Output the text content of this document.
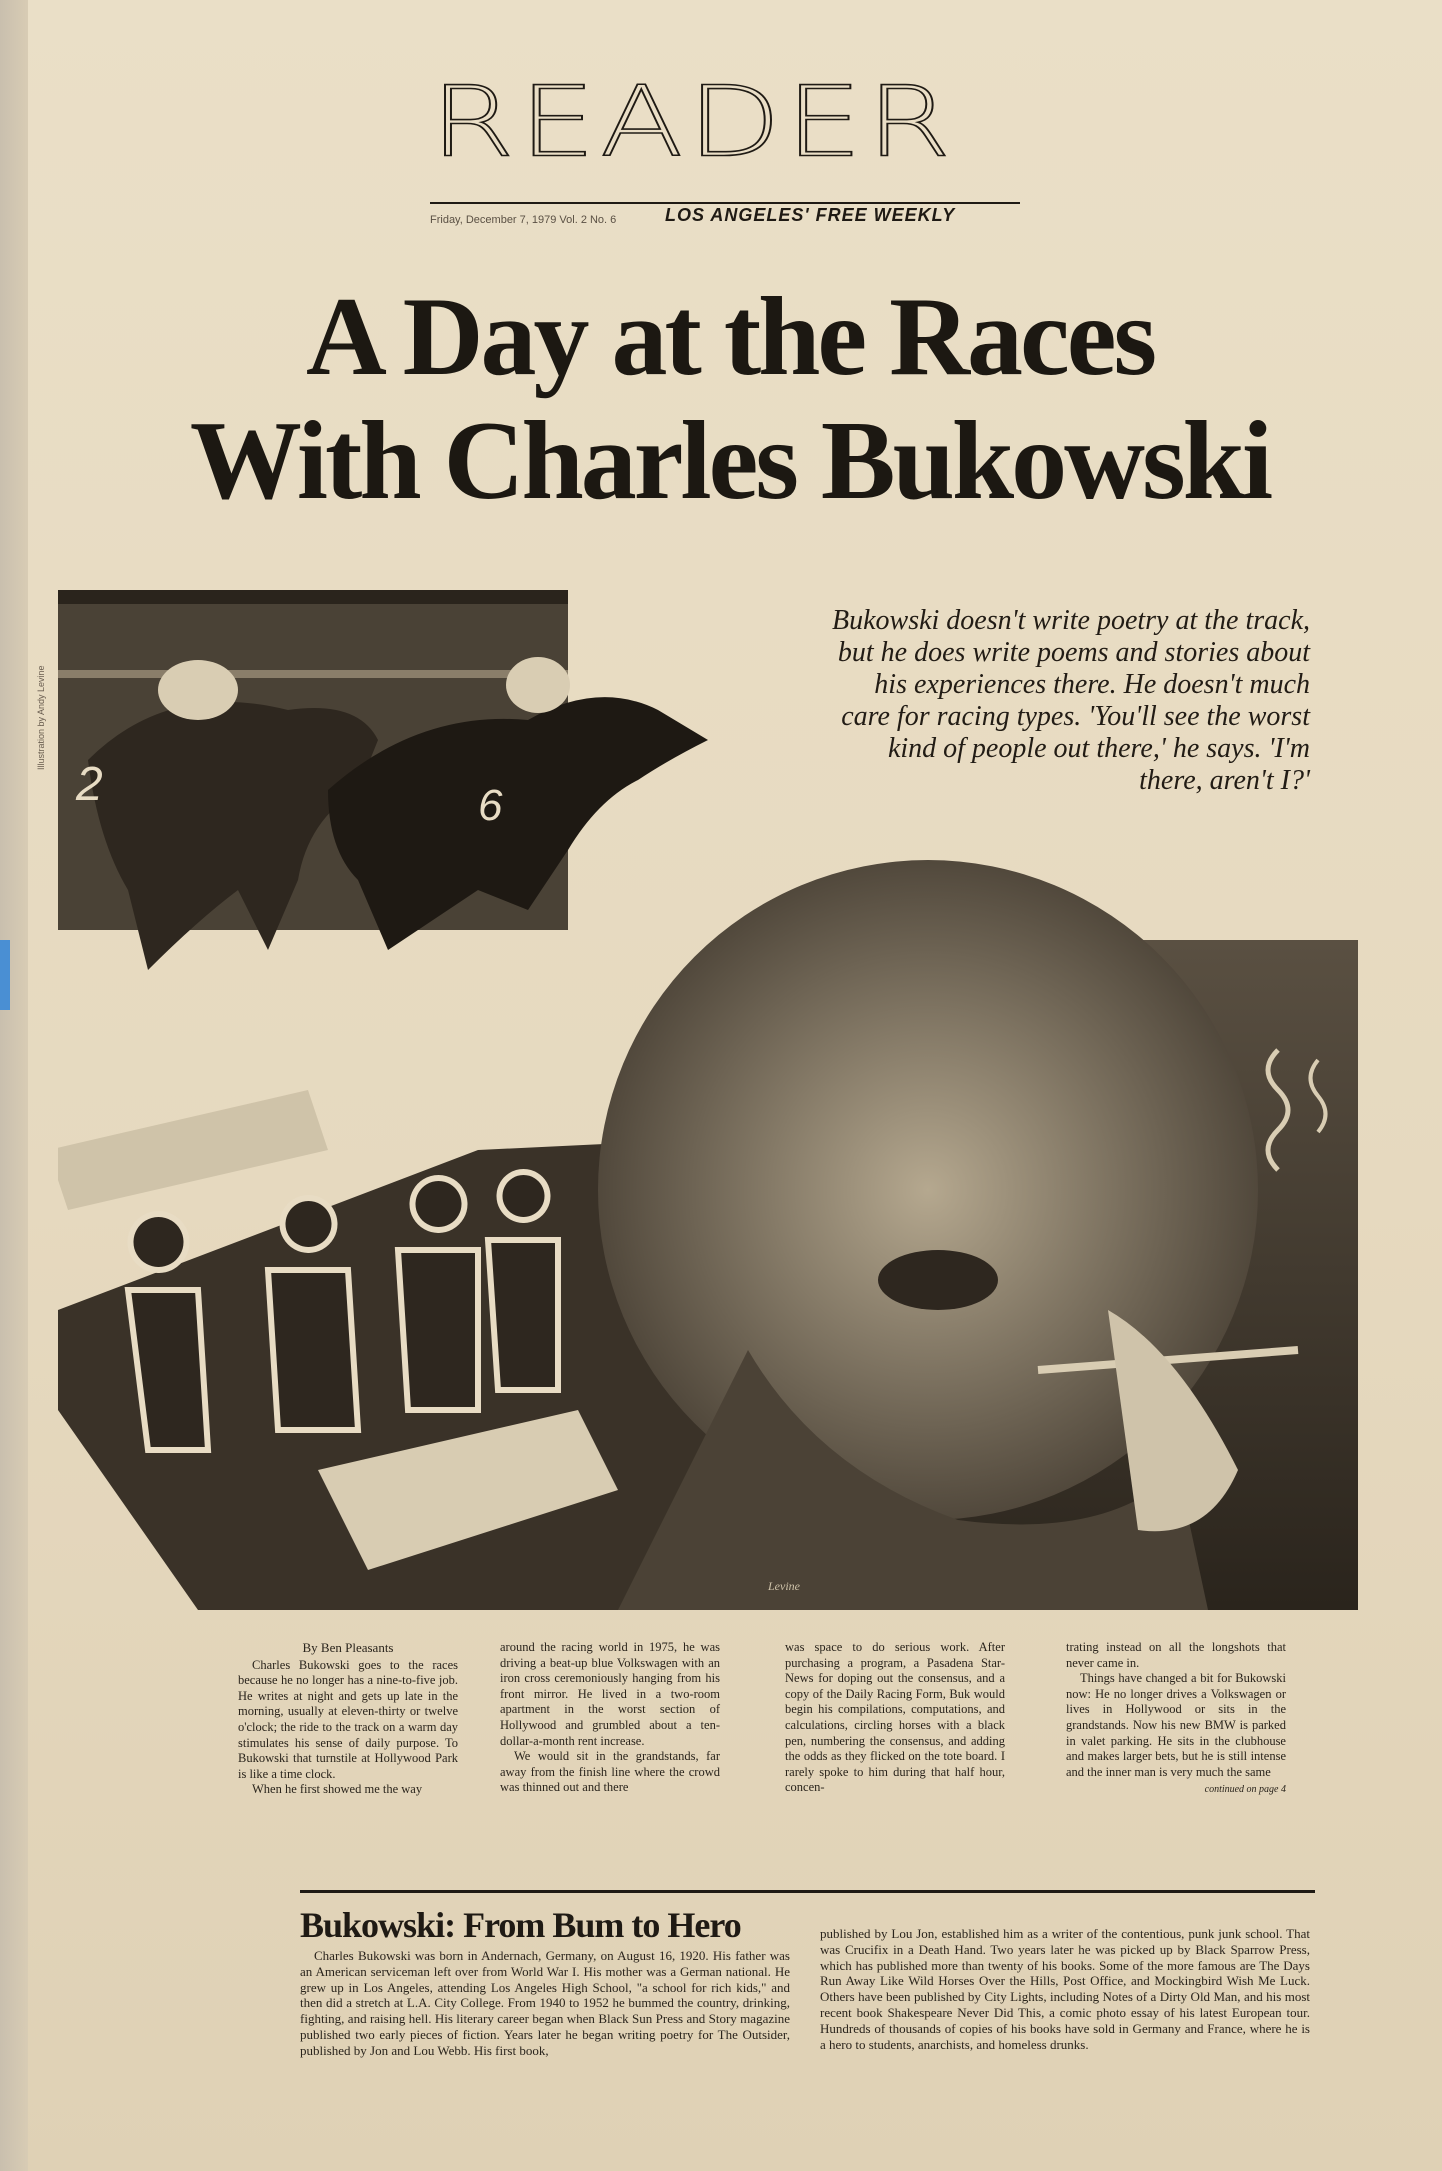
READER
Friday, December 7, 1979 Vol. 2 No. 6	LOS ANGELES' FREE WEEKLY
A Day at the Races
With Charles Bukowski
Illustration by Andy Levine
2	6
Levine
Bukowski doesn't write poetry at the track, but he does write poems and stories about his experiences there. He doesn't much care for racing types. 'You'll see the worst kind of people out there,' he says. 'I'm there, aren't I?'
By Ben Pleasants

Charles Bukowski goes to the races because he no longer has a nine-to-five job. He writes at night and gets up late in the morning, usually at eleven-thirty or twelve o'clock; the ride to the track on a warm day stimulates his sense of daily purpose. To Bukowski that turnstile at Hollywood Park is like a time clock.

When he first showed me the way

around the racing world in 1975, he was driving a beat-up blue Volkswagen with an iron cross ceremoniously hanging from his front mirror. He lived in a two-room apartment in the worst section of Hollywood and grumbled about a ten-dollar-a-month rent increase.

We would sit in the grandstands, far away from the finish line where the crowd was thinned out and there

was space to do serious work. After purchasing a program, a Pasadena Star-News for doping out the consensus, and a copy of the Daily Racing Form, Buk would begin his compilations, computations, and calculations, circling horses with a black pen, numbering the consensus, and adding the odds as they flicked on the tote board. I rarely spoke to him during that half hour, concen-

trating instead on all the longshots that never came in.

Things have changed a bit for Bukowski now: He no longer drives a Volkswagen or lives in Hollywood or sits in the grandstands. Now his new BMW is parked in valet parking. He sits in the clubhouse and makes larger bets, but he is still intense and the inner man is very much the same

continued on page 4
Bukowski: From Bum to Hero

Charles Bukowski was born in Andernach, Germany, on August 16, 1920. His father was an American serviceman left over from World War I. His mother was a German national. He grew up in Los Angeles, attending Los Angeles High School, "a school for rich kids," and then did a stretch at L.A. City College. From 1940 to 1952 he bummed the country, drinking, fighting, and raising hell. His literary career began when Black Sun Press and Story magazine published two early pieces of fiction. Years later he began writing poetry for The Outsider, published by Jon and Lou Webb. His first book,

published by Lou Jon, established him as a writer of the contentious, punk junk school. That was Crucifix in a Death Hand. Two years later he was picked up by Black Sparrow Press, which has published more than twenty of his books. Some of the more famous are The Days Run Away Like Wild Horses Over the Hills, Post Office, and Mockingbird Wish Me Luck. Others have been published by City Lights, including Notes of a Dirty Old Man, and his most recent book Shakespeare Never Did This, a comic photo essay of his latest European tour. Hundreds of thousands of copies of his books have sold in Germany and France, where he is a hero to students, anarchists, and homeless drunks.
